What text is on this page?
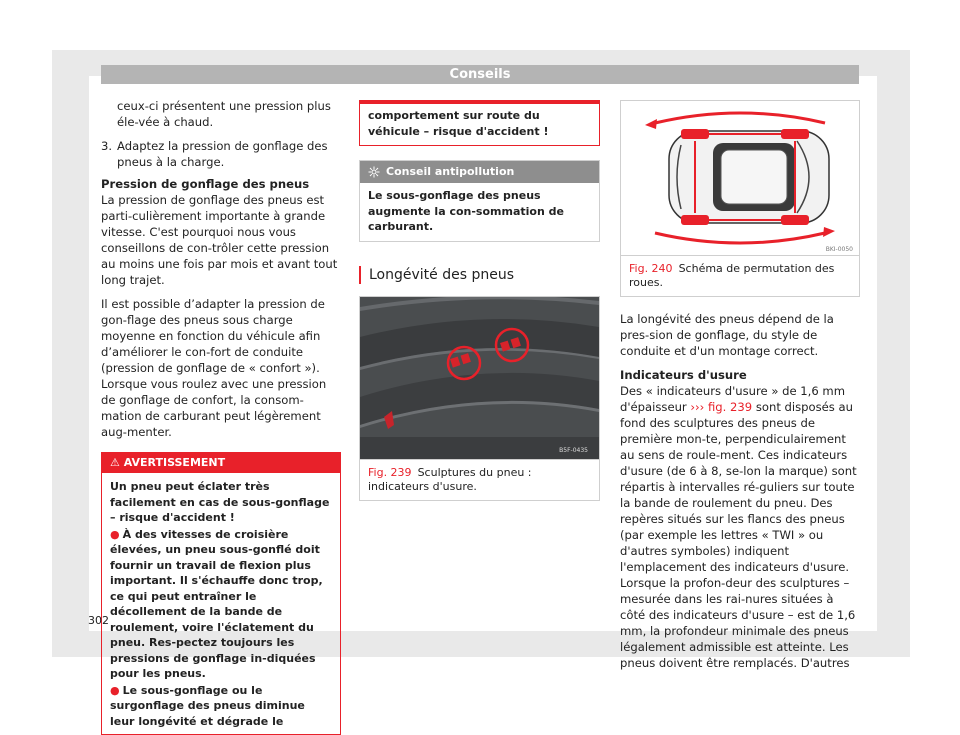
Conseils

ceux-ci présentent une pression plus éle-vée à chaud.

3. Adaptez la pression de gonflage des pneus à la charge.

Pression de gonflage des pneus

La pression de gonflage des pneus est parti-culièrement importante à grande vitesse. C'est pourquoi nous vous conseillons de con-trôler cette pression au moins une fois par mois et avant tout long trajet.

Il est possible d’adapter la pression de gon-flage des pneus sous charge moyenne en fonction du véhicule afin d’améliorer le con-fort de conduite (pression de gonflage de « confort »). Lorsque vous roulez avec une pression de gonflage de confort, la consom-mation de carburant peut légèrement aug-menter.

⚠ AVERTISSEMENT

Un pneu peut éclater très facilement en cas de sous-gonflage – risque d'accident !

● À des vitesses de croisière élevées, un pneu sous-gonflé doit fournir un travail de flexion plus important. Il s'échauffe donc trop, ce qui peut entraîner le décollement de la bande de roulement, voire l'éclatement du pneu. Res-pectez toujours les pressions de gonflage in-diquées pour les pneus.

● Le sous-gonflage ou le surgonflage des pneus diminue leur longévité et dégrade le

comportement sur route du véhicule – risque d'accident !
Conseil antipollution
Le sous-gonflage des pneus augmente la con-sommation de carburant.
Longévité des pneus
B5F-0435
Fig. 239 Sculptures du pneu : indicateurs d'usure.
BKI-0050
Fig. 240 Schéma de permutation des roues.

La longévité des pneus dépend de la pres-sion de gonflage, du style de conduite et d'un montage correct.

Indicateurs d'usure

Des « indicateurs d'usure » de 1,6 mm d'épaisseur ››› fig. 239 sont disposés au fond des sculptures des pneus de première mon-te, perpendiculairement au sens de roule-ment. Ces indicateurs d'usure (de 6 à 8, se-lon la marque) sont répartis à intervalles ré-guliers sur toute la bande de roulement du pneu. Des repères situés sur les flancs des pneus (par exemple les lettres « TWI » ou d'autres symboles) indiquent l'emplacement des indicateurs d'usure. Lorsque la profon-deur des sculptures – mesurée dans les rai-nures situées à côté des indicateurs d'usure – est de 1,6 mm, la profondeur minimale des pneus légalement admissible est atteinte. Les pneus doivent être remplacés. D'autres

302
